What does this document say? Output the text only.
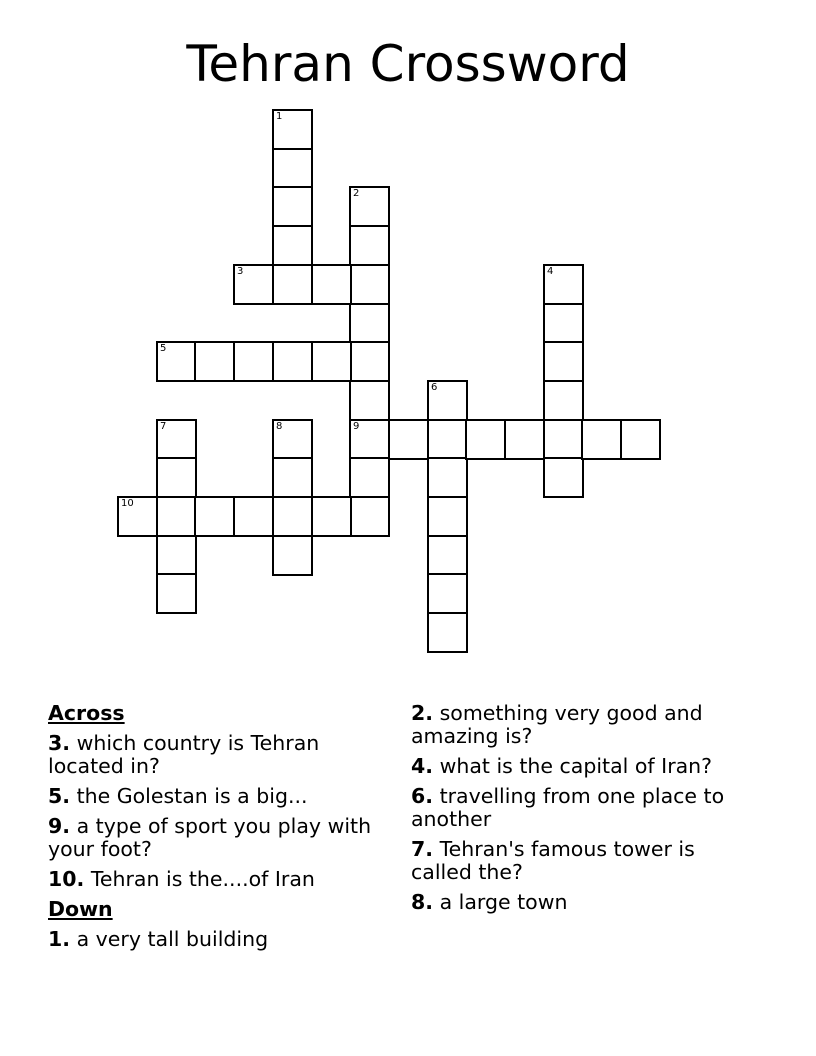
Tehran Crossword
1
2
9
3	4
5
6
7	8
10
Across
3. which country is Tehran located in?
5. the Golestan is a big...
9. a type of sport you play with your foot?
10. Tehran is the....of Iran
Down
1. a very tall building
2. something very good and amazing is?
4. what is the capital of Iran?
6. travelling from one place to another
7. Tehran's famous tower is called the?
8. a large town
